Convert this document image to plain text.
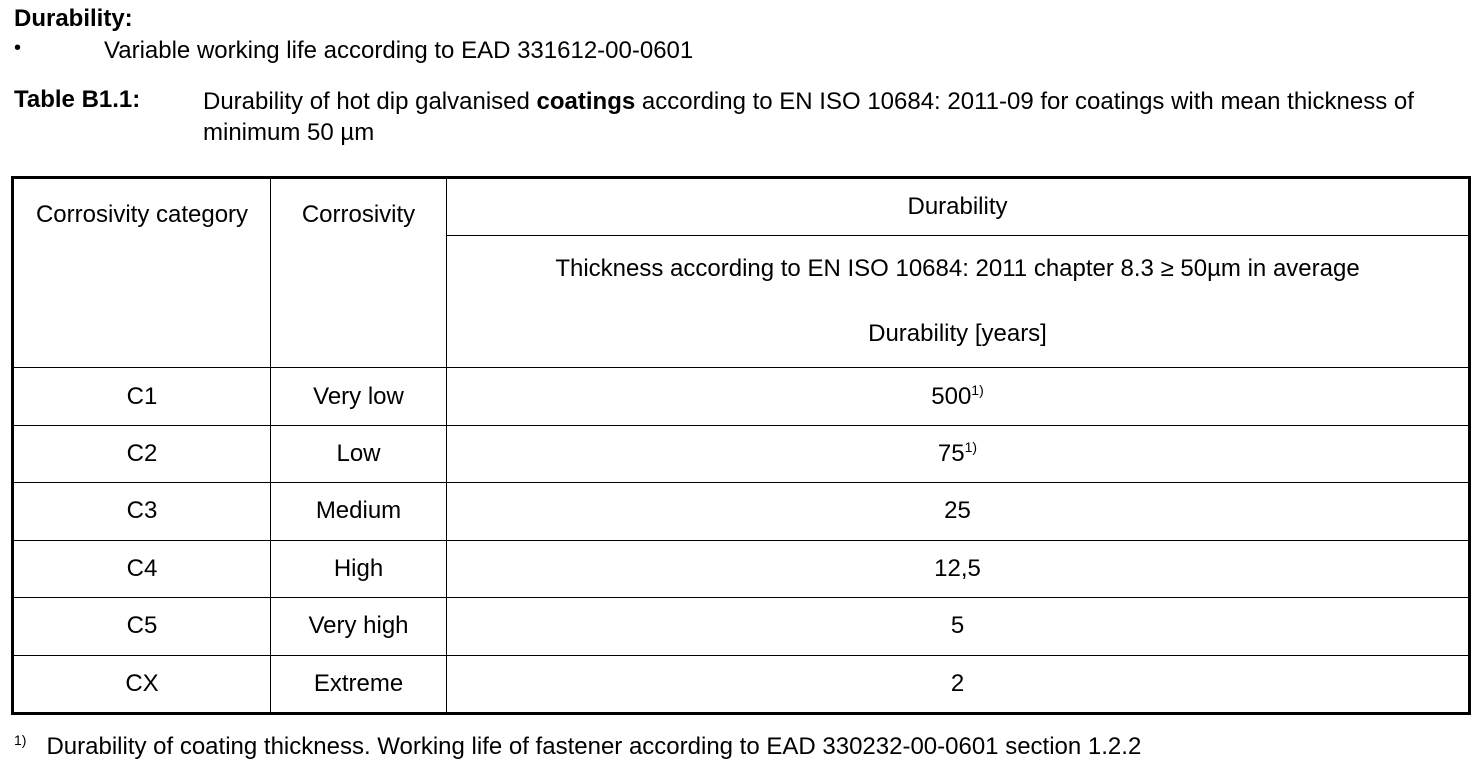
Durability:
•	Variable working life according to EAD 331612-00-0601
Table B1.1:	Durability of hot dip galvanised coatings according to EN ISO 10684: 2011-09 for coatings with mean thickness of minimum 50 µm
Corrosivity category	Corrosivity	Durability

		Thickness according to EN ISO 10684: 2011 chapter 8.3 ≥ 50µm in average
Durability [years]

C1	Very low	500$^{1)}$
C2	Low	75$^{1)}$
C3	Medium	25
C4	High	12,5
C5	Very high	5
CX	Extreme	2
$^{1)}$ Durability of coating thickness. Working life of fastener according to EAD 330232-00-0601 section 1.2.2
